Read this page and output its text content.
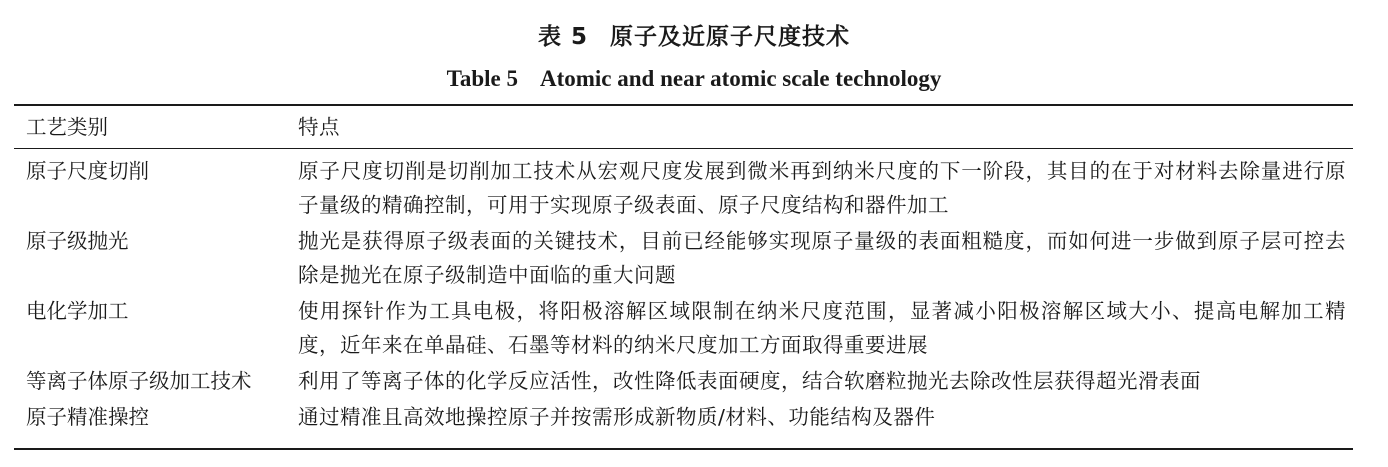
表 5 原子及近原子尺度技术
Table 5 Atomic and near atomic scale technology
工艺类别	特点
原子尺度切削	原子尺度切削是切削加工技术从宏观尺度发展到微米再到纳米尺度的下一阶段，其目的在于对材料去除量进行原子量级的精确控制，可用于实现原子级表面、原子尺度结构和器件加工
原子级抛光	抛光是获得原子级表面的关键技术，目前已经能够实现原子量级的表面粗糙度，而如何进一步做到原子层可控去除是抛光在原子级制造中面临的重大问题
电化学加工	使用探针作为工具电极，将阳极溶解区域限制在纳米尺度范围，显著减小阳极溶解区域大小、提高电解加工精度，近年来在单晶硅、石墨等材料的纳米尺度加工方面取得重要进展
等离子体原子级加工技术	利用了等离子体的化学反应活性，改性降低表面硬度，结合软磨粒抛光去除改性层获得超光滑表面
原子精准操控	通过精准且高效地操控原子并按需形成新物质/材料、功能结构及器件
